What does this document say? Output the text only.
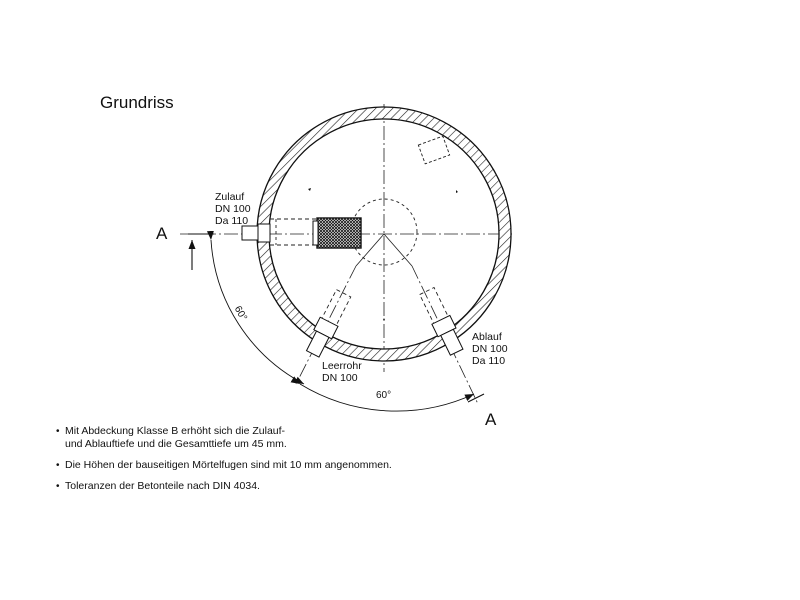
Grundriss
Zulauf
DN 100
Da 110
Ablauf
DN 100
Da 110
Leerrohr
DN 100
A
A
60°
60°
• Mit Abdeckung Klasse B erhöht sich die Zulauf-
und Ablauftiefe und die Gesamttiefe um 45 mm.
• Die Höhen der bauseitigen Mörtelfugen sind mit 10 mm angenommen.
• Toleranzen der Betonteile nach DIN 4034.
